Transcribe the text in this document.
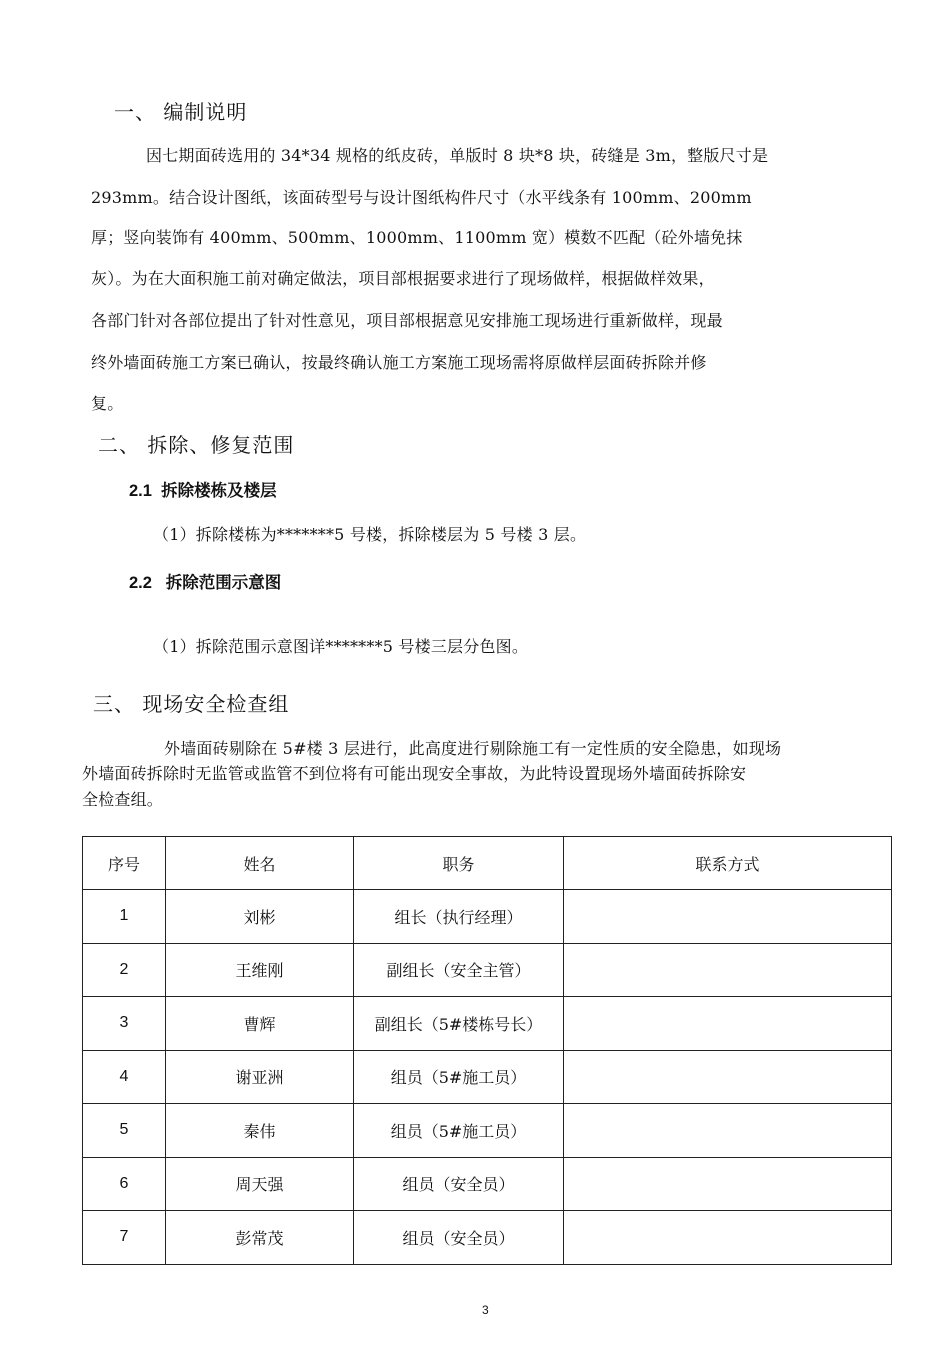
一、 编制说明
因七期面砖选用的 34*34 规格的纸皮砖，单版时 8 块*8 块，砖缝是 3m，整版尺寸是
293mm。结合设计图纸，该面砖型号与设计图纸构件尺寸（水平线条有 100mm、200mm
厚；竖向装饰有 400mm、500mm、1000mm、1100mm 宽）模数不匹配（砼外墙免抹
灰）。为在大面积施工前对确定做法，项目部根据要求进行了现场做样，根据做样效果，
各部门针对各部位提出了针对性意见，项目部根据意见安排施工现场进行重新做样，现最
终外墙面砖施工方案已确认，按最终确认施工方案施工现场需将原做样层面砖拆除并修
复。
二、 拆除、修复范围
2.1 拆除楼栋及楼层
（1）拆除楼栋为*******5 号楼，拆除楼层为 5 号楼 3 层。
2.2 拆除范围示意图
（1）拆除范围示意图详*******5 号楼三层分色图。
三、 现场安全检查组
外墙面砖剔除在 5#楼 3 层进行，此高度进行剔除施工有一定性质的安全隐患，如现场
外墙面砖拆除时无监管或监管不到位将有可能出现安全事故，为此特设置现场外墙面砖拆除安
全检查组。
序号	姓名	职务	联系方式
1	刘彬	组长（执行经理）	
2	王维刚	副组长（安全主管）	
3	曹辉	副组长（5#楼栋号长）	
4	谢亚洲	组员（5#施工员）	
5	秦伟	组员（5#施工员）	
6	周天强	组员（安全员）	
7	彭常茂	组员（安全员）	
3
